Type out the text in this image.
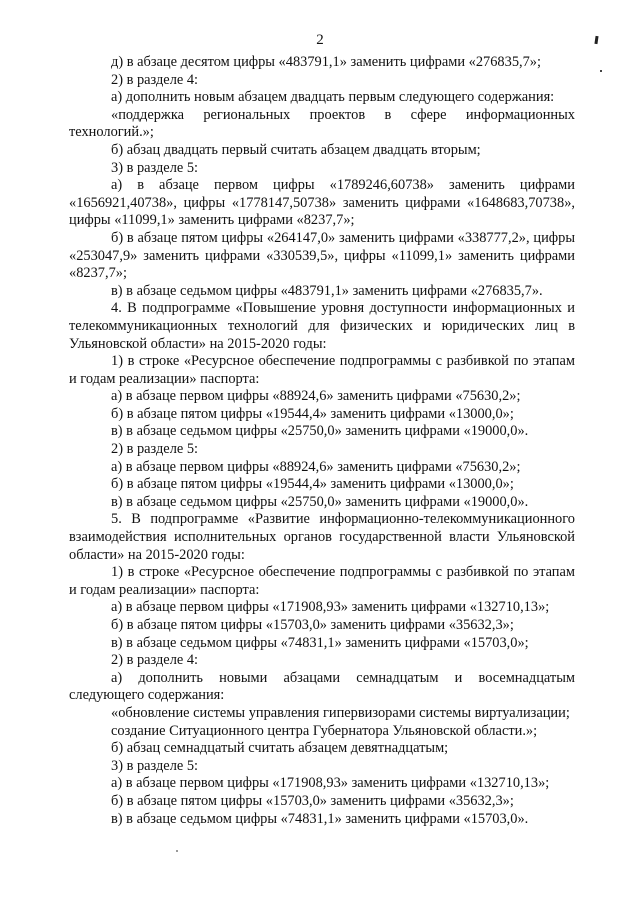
2

д) в абзаце десятом цифры «483791,1» заменить цифрами «276835,7»;

2) в разделе 4:

а) дополнить новым абзацем двадцать первым следующего содержания:

«поддержка региональных проектов в сфере информационных технологий.»;

б) абзац двадцать первый считать абзацем двадцать вторым;

3) в разделе 5:

а) в абзаце первом цифры «1789246,60738» заменить цифрами «1656921,40738», цифры «1778147,50738» заменить цифрами «1648683,70738», цифры «11099,1» заменить цифрами «8237,7»;

б) в абзаце пятом цифры «264147,0» заменить цифрами «338777,2», цифры «253047,9» заменить цифрами «330539,5», цифры «11099,1» заменить цифрами «8237,7»;

в) в абзаце седьмом цифры «483791,1» заменить цифрами «276835,7».

4. В подпрограмме «Повышение уровня доступности информационных и телекоммуникационных технологий для физических и юридических лиц в Ульяновской области» на 2015-2020 годы:

1) в строке «Ресурсное обеспечение подпрограммы с разбивкой по этапам и годам реализации» паспорта:

а) в абзаце первом цифры «88924,6» заменить цифрами «75630,2»;

б) в абзаце пятом цифры «19544,4» заменить цифрами «13000,0»;

в) в абзаце седьмом цифры «25750,0» заменить цифрами «19000,0».

2) в разделе 5:

а) в абзаце первом цифры «88924,6» заменить цифрами «75630,2»;

б) в абзаце пятом цифры «19544,4» заменить цифрами «13000,0»;

в) в абзаце седьмом цифры «25750,0» заменить цифрами «19000,0».

5. В подпрограмме «Развитие информационно-телекоммуникационного взаимодействия исполнительных органов государственной власти Ульяновской области» на 2015-2020 годы:

1) в строке «Ресурсное обеспечение подпрограммы с разбивкой по этапам и годам реализации» паспорта:

а) в абзаце первом цифры «171908,93» заменить цифрами «132710,13»;

б) в абзаце пятом цифры «15703,0» заменить цифрами «35632,3»;

в) в абзаце седьмом цифры «74831,1» заменить цифрами «15703,0»;

2) в разделе 4:

а) дополнить новыми абзацами семнадцатым и восемнадцатым следующего содержания:

«обновление системы управления гипервизорами системы виртуализации;

создание Ситуационного центра Губернатора Ульяновской области.»;

б) абзац семнадцатый считать абзацем девятнадцатым;

3) в разделе 5:

а) в абзаце первом цифры «171908,93» заменить цифрами «132710,13»;

б) в абзаце пятом цифры «15703,0» заменить цифрами «35632,3»;

в) в абзаце седьмом цифры «74831,1» заменить цифрами «15703,0».
